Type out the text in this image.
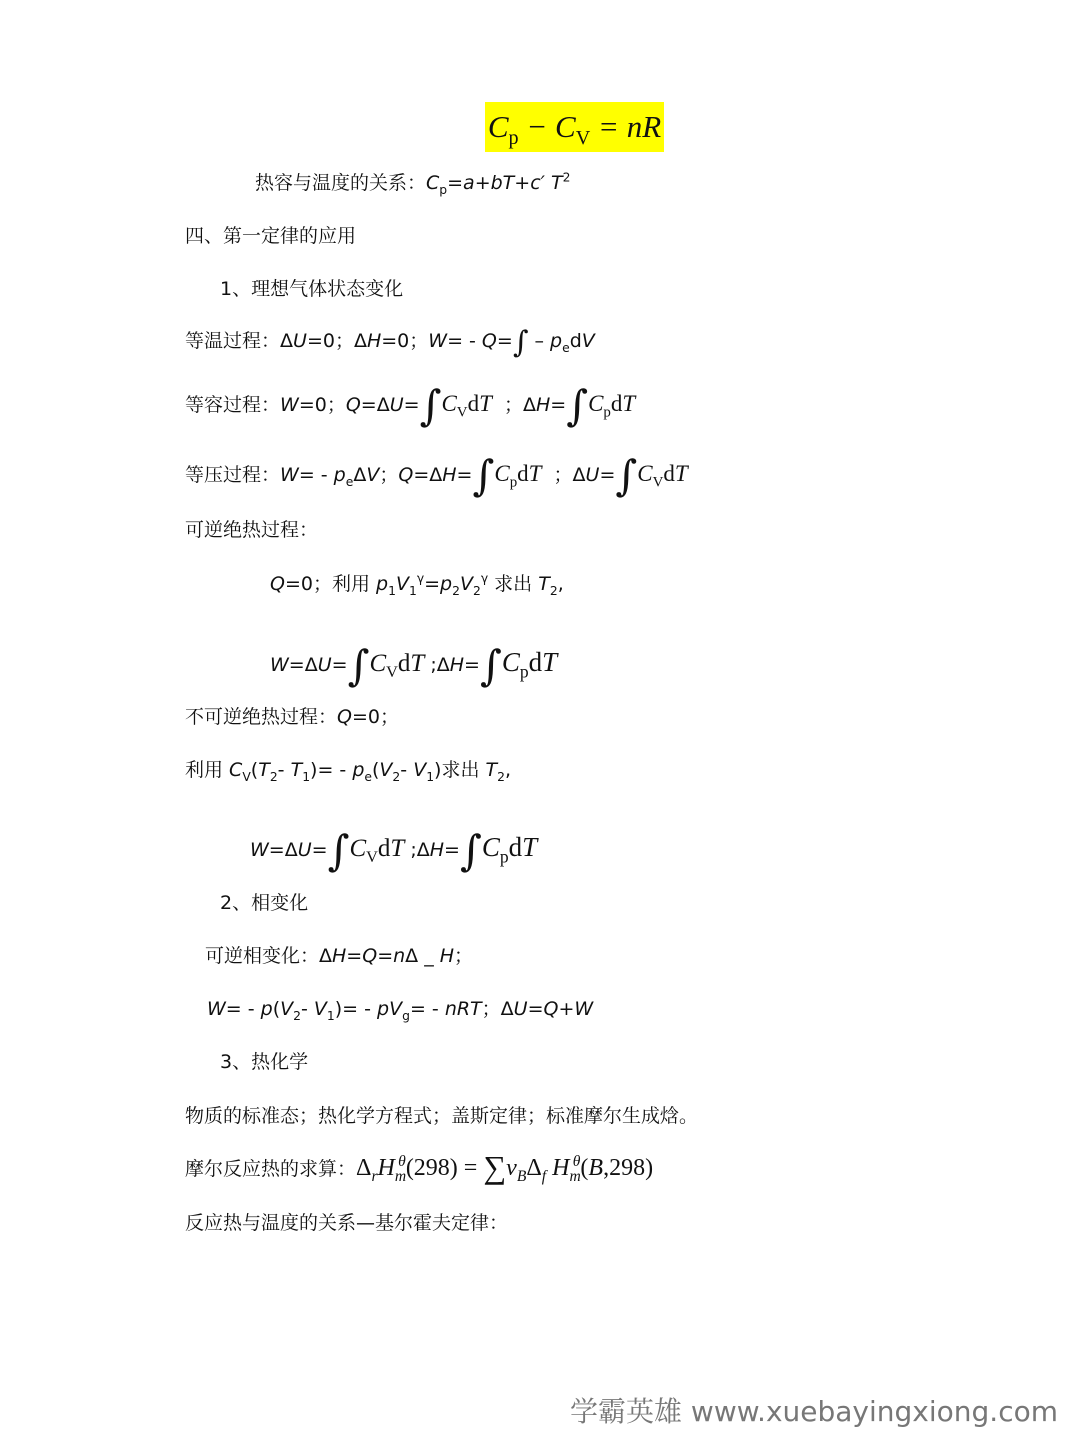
$C_p - C_V$ = nR
热容与温度的关系：$C_p=a+bT+c'$ $T^2$
四、第一定律的应用
1、理想气体状态变化
等温过程：ΔU=0；ΔH=0；$W= - Q=\int - p_edV$
等容过程：W=0；$Q=\Delta U=\int C_VdT$  ；$\Delta H=\int C_pdT$
等压过程：$W= - p_e\Delta V$；$Q=\Delta H=\int C_pdT$  ；$\Delta U=\int C_VdT$
可逆绝热过程：
Q=0；利用 $p_1V_1^\gamma=p_2V_2^\gamma$ 求出 $T_2$,
$W=\Delta U=\int C_VdT$ $;\Delta H=\int C_pdT$
不可逆绝热过程：Q=0；
利用 $C_V(T_2-$ $T_1)= - p_e(V_2-$ $V_1$)求出 $T_2$,
$W=\Delta U=\int C_VdT$ $;\Delta H=\int C_pdT$
2、相变化
可逆相变化：ΔH=Q=nΔ _ H；
$W= - p(V_2-$ $V_1)= - pV_g=$ - nRT；ΔU=Q+W
3、热化学
物质的标准态；热化学方程式；盖斯定律；标准摩尔生成焓。
摩尔反应热的求算：$\Delta_rH_m^\theta(298) = \sum\nu_B\Delta_f$ $H_m^\theta(B,298)$
反应热与温度的关系—基尔霍夫定律：
学霸英雄 www.xuebayingxiong.com
